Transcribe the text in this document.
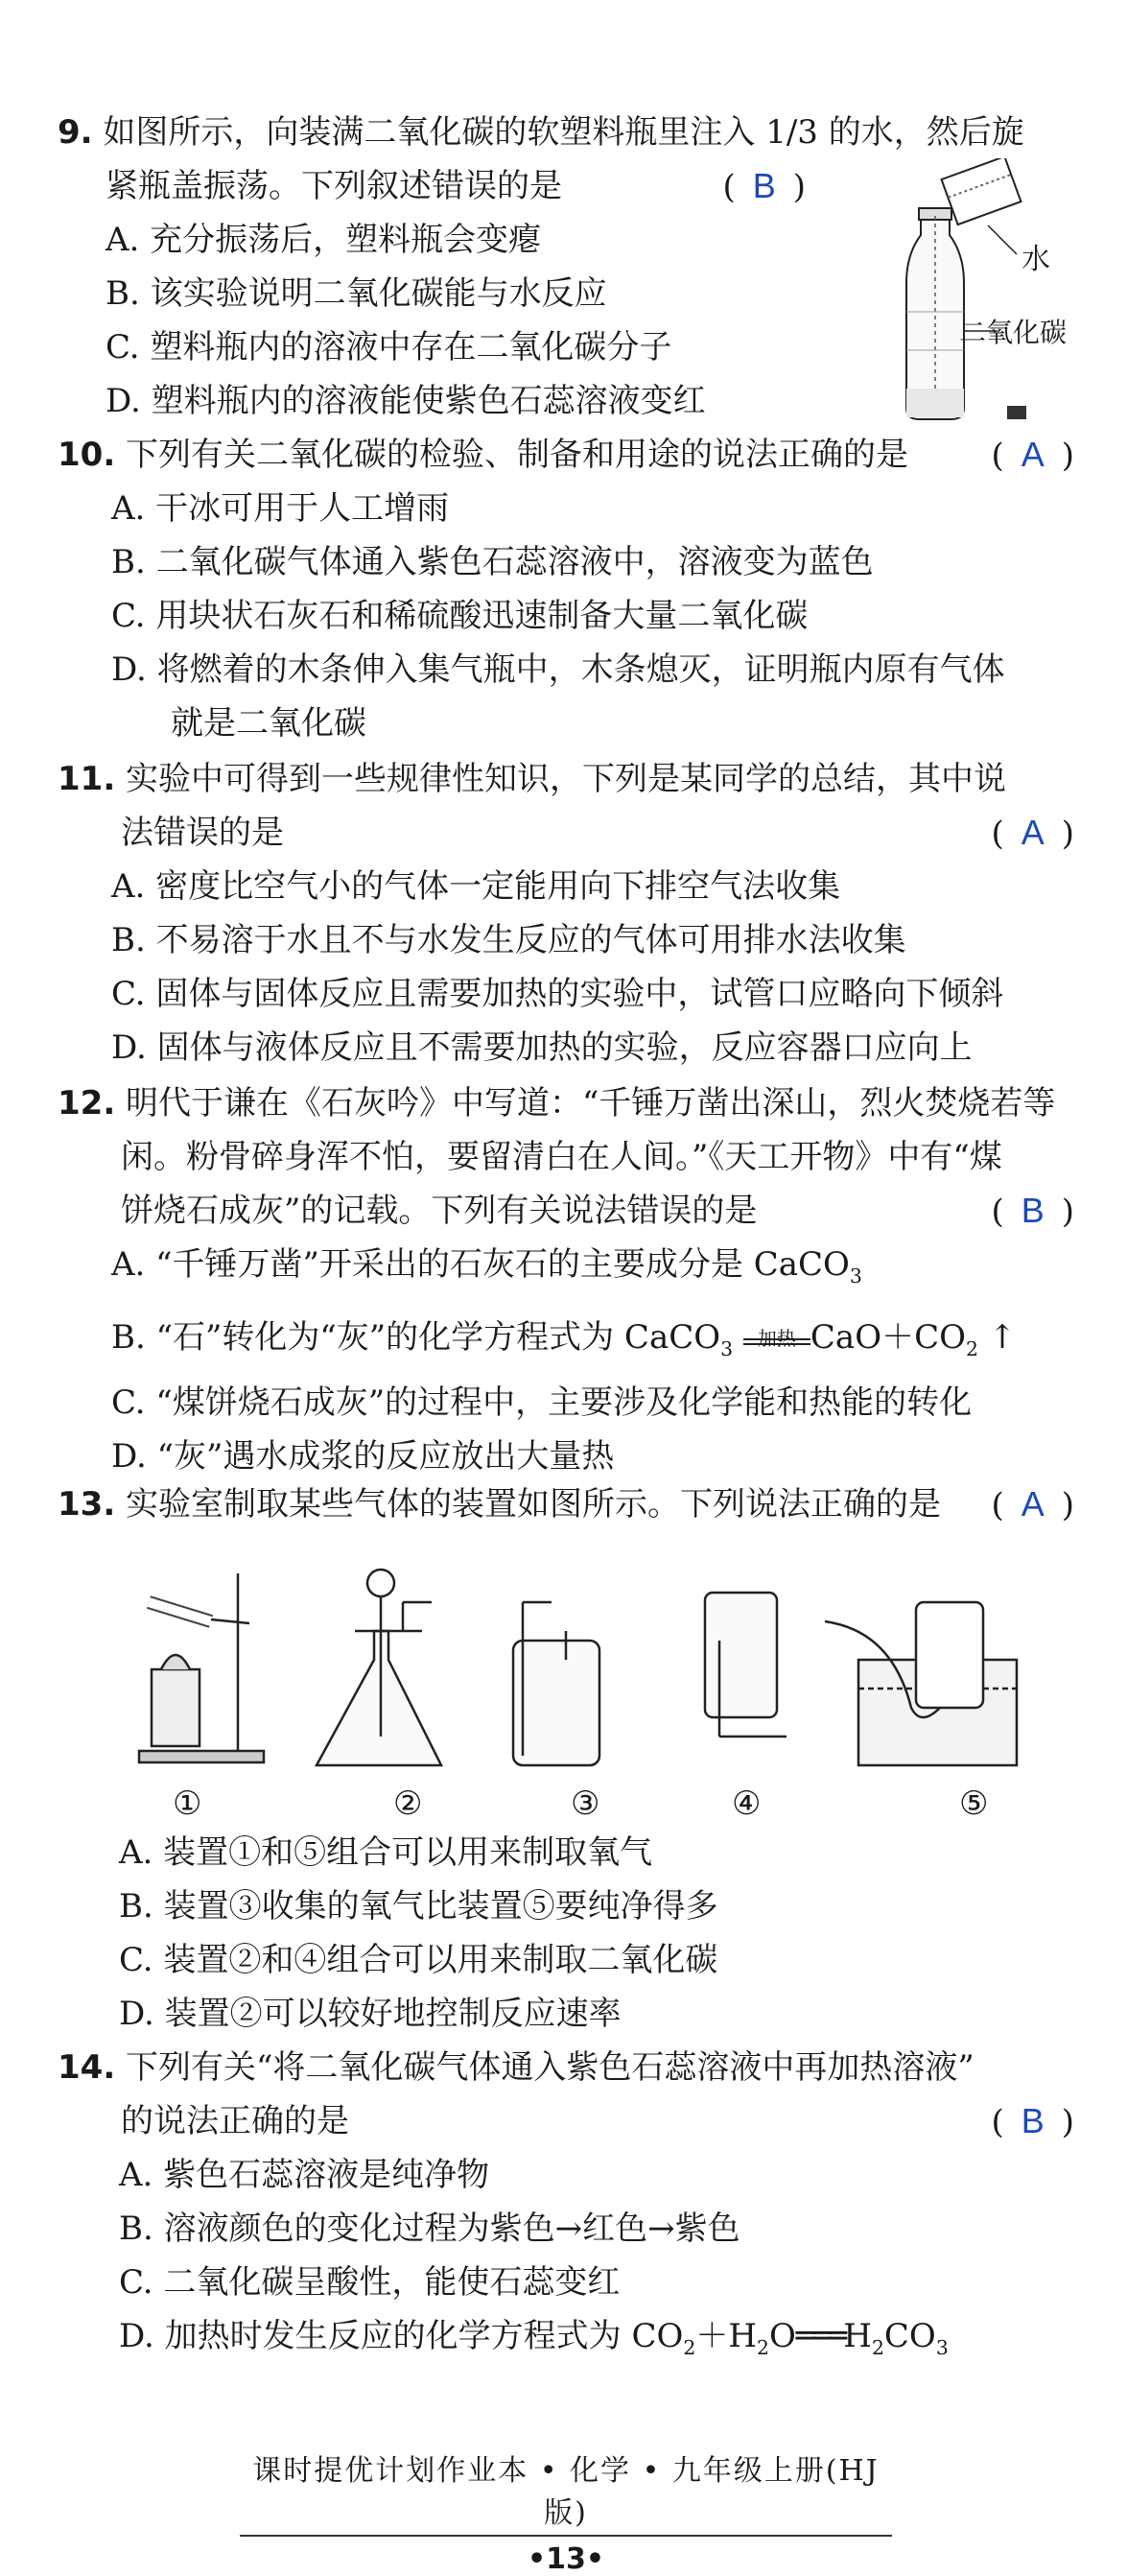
9. 如图所示，向装满二氧化碳的软塑料瓶里注入 1/3 的水，然后旋
紧瓶盖振荡。下列叙述错误的是	( B )
A. 充分振荡后，塑料瓶会变瘪
B. 该实验说明二氧化碳能与水反应
C. 塑料瓶内的溶液中存在二氧化碳分子
D. 塑料瓶内的溶液能使紫色石蕊溶液变红
水
二氧化碳
10. 下列有关二氧化碳的检验、制备和用途的说法正确的是	( A )
A. 干冰可用于人工增雨
B. 二氧化碳气体通入紫色石蕊溶液中，溶液变为蓝色
C. 用块状石灰石和稀硫酸迅速制备大量二氧化碳
D. 将燃着的木条伸入集气瓶中，木条熄灭，证明瓶内原有气体
就是二氧化碳
11. 实验中可得到一些规律性知识，下列是某同学的总结，其中说
法错误的是	( A )
A. 密度比空气小的气体一定能用向下排空气法收集
B. 不易溶于水且不与水发生反应的气体可用排水法收集
C. 固体与固体反应且需要加热的实验中，试管口应略向下倾斜
D. 固体与液体反应且不需要加热的实验，反应容器口应向上
12. 明代于谦在《石灰吟》中写道：“千锤万凿出深山，烈火焚烧若等
闲。粉骨碎身浑不怕，要留清白在人间。”《天工开物》中有“煤
饼烧石成灰”的记载。下列有关说法错误的是	( B )
A. “千锤万凿”开采出的石灰石的主要成分是 CaCO$_3$
B. “石”转化为“灰”的化学方程式为 CaCO$_3$	加热 $CaO+CO_2$ ↑
C. “煤饼烧石成灰”的过程中，主要涉及化学能和热能的转化
D. “灰”遇水成浆的反应放出大量热
13. 实验室制取某些气体的装置如图所示。下列说法正确的是 ( A )
①	②	③	④	⑤
A. 装置①和⑤组合可以用来制取氧气
B. 装置③收集的氧气比装置⑤要纯净得多
C. 装置②和④组合可以用来制取二氧化碳
D. 装置②可以较好地控制反应速率
14. 下列有关“将二氧化碳气体通入紫色石蕊溶液中再加热溶液”
的说法正确的是	( B )
A. 紫色石蕊溶液是纯净物
B. 溶液颜色的变化过程为紫色→红色→紫色
C. 二氧化碳呈酸性，能使石蕊变红
D. 加热时发生反应的化学方程式为 $CO_2+H_2O═══H_2CO_3$
课时提优计划作业本 • 化学 • 九年级上册(HJ 版)
•13•
